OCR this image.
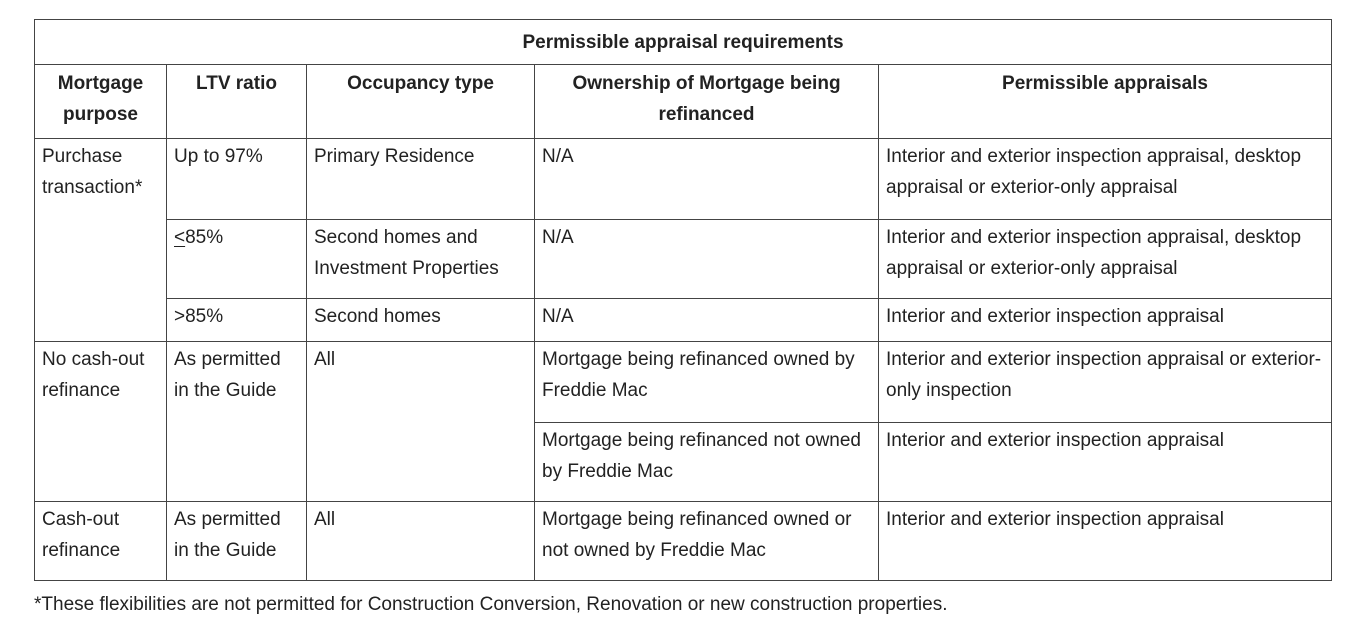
Permissible appraisal requirements				
Mortgage purpose	LTV ratio	Occupancy type	Ownership of Mortgage being refinanced	Permissible appraisals
Purchase transaction*	Up to 97%	Primary Residence	N/A	Interior and exterior inspection appraisal, desktop appraisal or exterior-only appraisal
	≤85%	Second homes and Investment Properties	N/A	Interior and exterior inspection appraisal, desktop appraisal or exterior-only appraisal
	>85%	Second homes	N/A	Interior and exterior inspection appraisal
No cash-out refinance	As permitted in the Guide	All	Mortgage being refinanced owned by Freddie Mac	Interior and exterior inspection appraisal or exterior-only inspection
			Mortgage being refinanced not owned by Freddie Mac	Interior and exterior inspection appraisal
Cash-out refinance	As permitted in the Guide	All	Mortgage being refinanced owned or not owned by Freddie Mac	Interior and exterior inspection appraisal
*These flexibilities are not permitted for Construction Conversion, Renovation or new construction properties.
